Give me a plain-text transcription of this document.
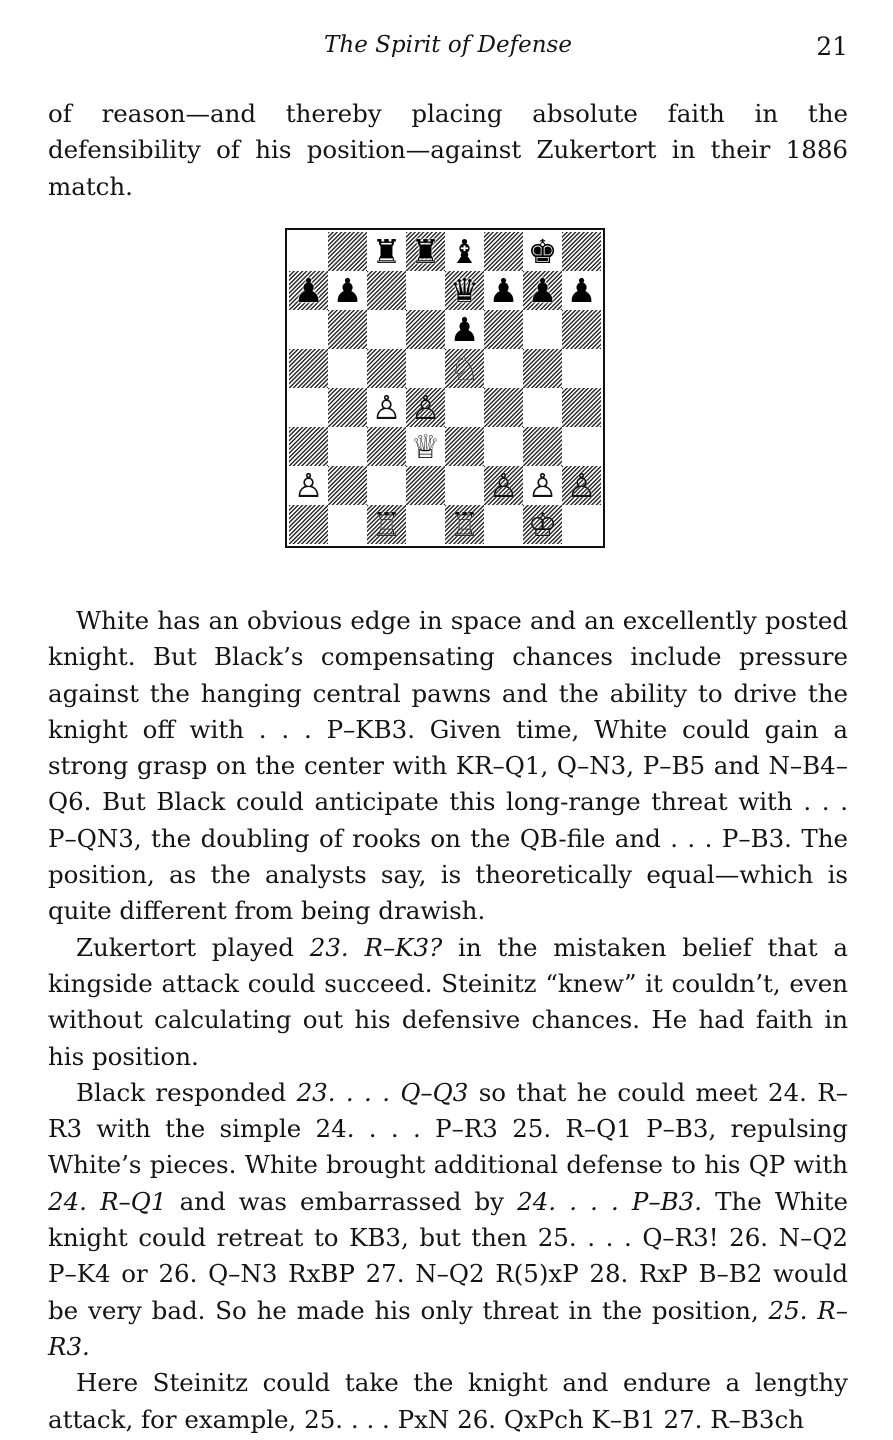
The Spirit of Defense	21

of reason—and thereby placing absolute faith in the defensibility of his position—against Zukertort in their 1886 match.

♜ ♜ ♝ ♚
♟ ♟	♛ ♟ ♟ ♟
♟
♘
♙ ♙
♕
♙	♙ ♙ ♙
♖ ♖ ♔

White has an obvious edge in space and an excellently posted knight. But Black’s compensating chances include pressure against the hanging central pawns and the ability to drive the knight off with . . . P–KB3. Given time, White could gain a strong grasp on the center with KR–Q1, Q–N3, P–B5 and N–B4–Q6. But Black could anticipate this long-range threat with . . . P–QN3, the doubling of rooks on the QB-file and . . . P–B3. The position, as the analysts say, is theoretically equal—which is quite different from being drawish.

Zukertort played 23. R–K3? in the mistaken belief that a kingside attack could succeed. Steinitz “knew” it couldn’t, even without calculating out his defensive chances. He had faith in his position.

Black responded 23. . . . Q–Q3 so that he could meet 24. R–R3 with the simple 24. . . . P–R3 25. R–Q1 P–B3, repulsing White’s pieces. White brought additional defense to his QP with 24. R–Q1 and was embarrassed by 24. . . . P–B3. The White knight could retreat to KB3, but then 25. . . . Q–R3! 26. N–Q2 P–K4 or 26. Q–N3 RxBP 27. N–Q2 R(5)xP 28. RxP B–B2 would be very bad. So he made his only threat in the position, 25. R–R3.

Here Steinitz could take the knight and endure a lengthy attack, for example, 25. . . . PxN 26. QxPch K–B1 27. R–B3ch
